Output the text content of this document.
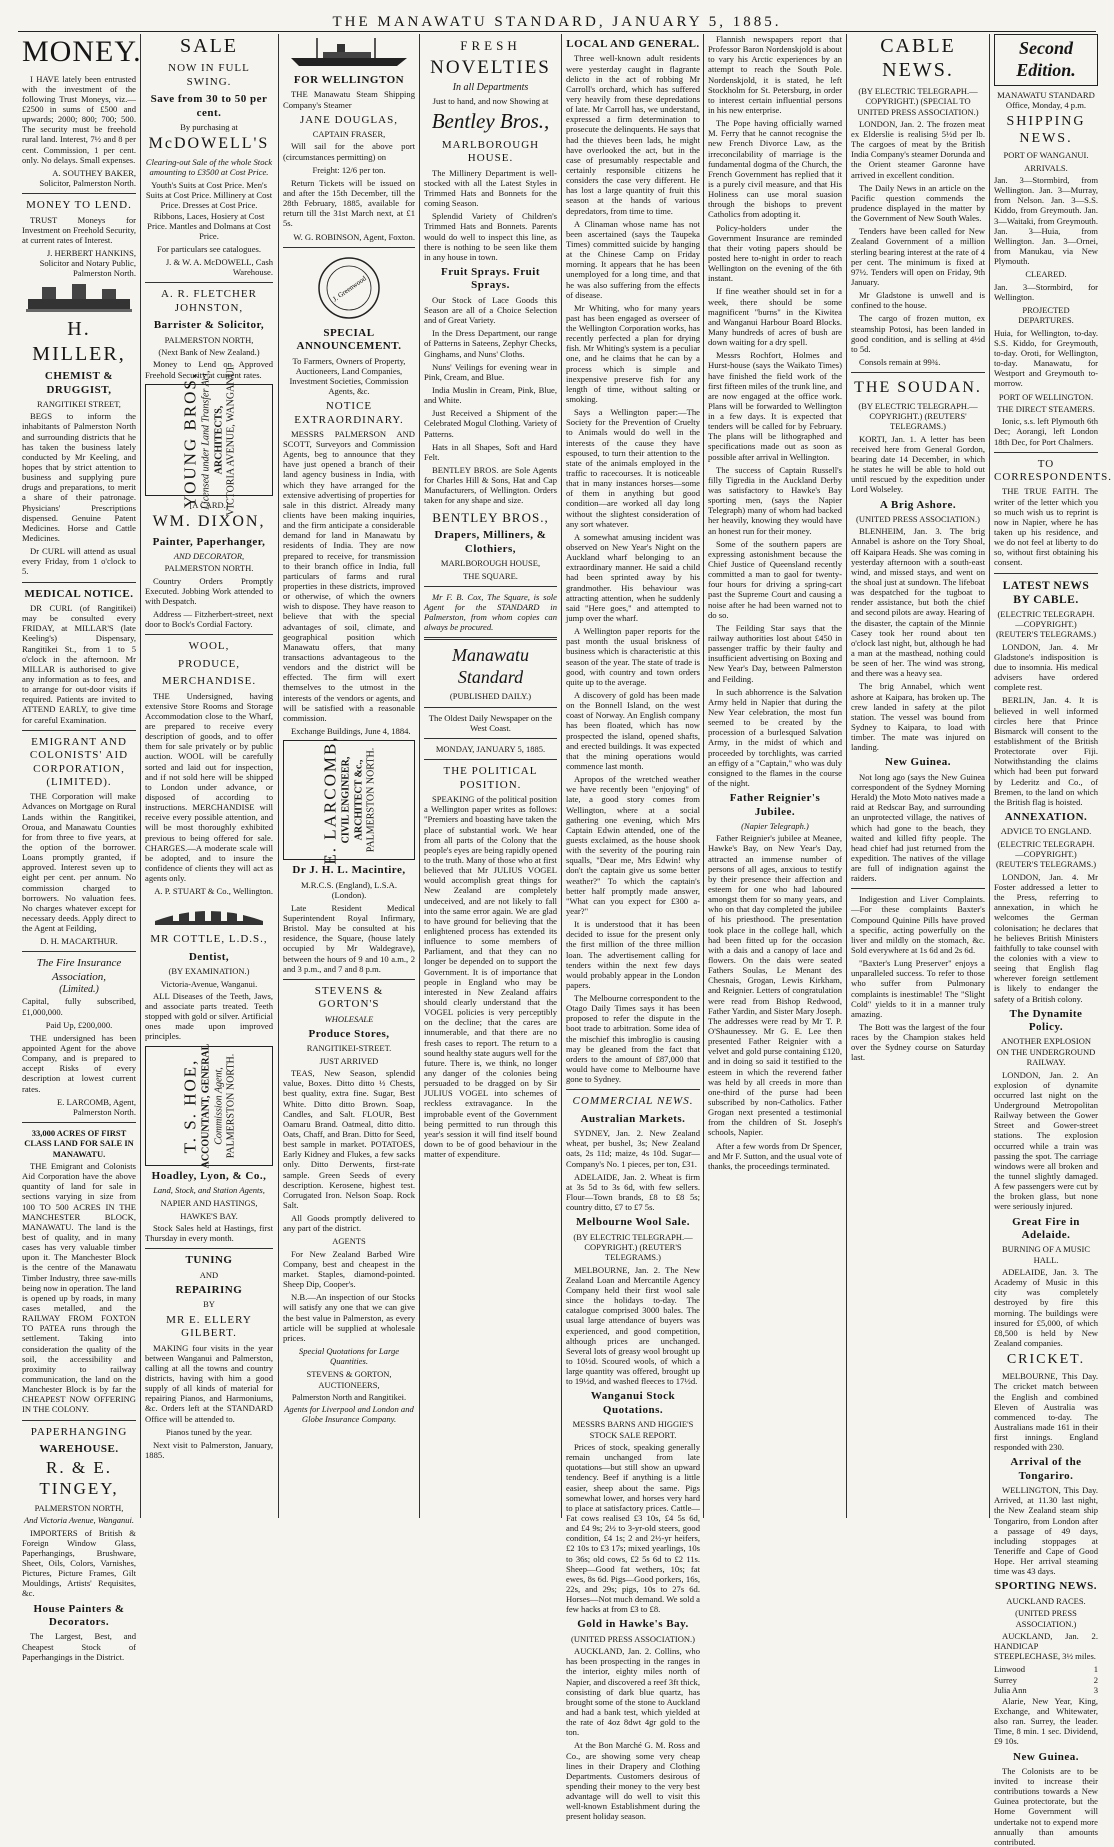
THE MANAWATU STANDARD, JANUARY 5, 1885.
MONEY.

I HAVE lately been entrusted with the investment of the following Trust Moneys, viz.— £2500 in sums of £500 and upwards; 2000; 800; 700; 500. The security must be freehold rural land. Interest, 7½ and 8 per cent. Commission, 1 per cent. only. No delays. Small expenses.

A. SOUTHEY BAKER, Solicitor, Palmerston North.

MONEY TO LEND.

TRUST Moneys for Investment on Freehold Security, at current rates of Interest.

J. HERBERT HANKINS, Solicitor and Notary Public, Palmerston North.

H. MILLER,
CHEMIST & DRUGGIST,
RANGITIKEI STREET,

BEGS to inform the inhabitants of Palmerston North and surrounding districts that he has taken the business lately conducted by Mr Keeling, and hopes that by strict attention to business and supplying pure drugs and preparations, to merit a share of their patronage. Physicians' Prescriptions dispensed. Genuine Patent Medicines. Horse and Cattle Medicines.

Dr CURL will attend as usual every Friday, from 1 o'clock to 5.

MEDICAL NOTICE.

DR CURL (of Rangitikei) may be consulted every FRIDAY, at MILLAR'S (late Keeling's) Dispensary, Rangitikei St., from 1 to 5 o'clock in the afternoon. Mr MILLAR is authorised to give any information as to fees, and to arrange for out-door visits if required. Patients are invited to ATTEND EARLY, to give time for careful Examination.

EMIGRANT AND COLONISTS' AID CORPORATION, (LIMITED).

THE Corporation will make Advances on Mortgage on Rural Lands within the Rangitikei, Oroua, and Manawatu Counties for from three to five years, at the option of the borrower. Loans promptly granted, if approved. Interest seven up to eight per cent. per annum. No commission charged to borrowers. No valuation fees. No charges whatever except for necessary deeds. Apply direct to the Agent at Feilding,

D. H. MACARTHUR.

The Fire Insurance Association,
(Limited.)

Capital, fully subscribed, £1,000,000.

Paid Up, £200,000.

THE undersigned has been appointed Agent for the above Company, and is prepared to accept Risks of every description at lowest current rates.

E. LARCOMB, Agent, Palmerston North.

33,000 ACRES OF FIRST CLASS LAND FOR SALE IN MANAWATU.

THE Emigrant and Colonists Aid Corporation have the above quantity of land for sale in sections varying in size from 100 TO 500 ACRES IN THE MANCHESTER BLOCK, MANAWATU. The land is the best of quality, and in many cases has very valuable timber upon it. The Manchester Block is the centre of the Manawatu Timber Industry, three saw-mills being now in operation. The land is opened up by roads, in many cases metalled, and the RAILWAY FROM FOXTON TO PATEA runs through the settlement. Taking into consideration the quality of the soil, the accessibility and proximity to railway communication, the land on the Manchester Block is by far the CHEAPEST NOW OFFERING IN THE COLONY.

PAPERHANGING
WAREHOUSE.
R. & E. TINGEY,
PALMERSTON NORTH,
And Victoria Avenue, Wanganui.

IMPORTERS of British & Foreign Window Glass, Paperhangings, Brushware, Sheet, Oils, Colors, Varnishes, Pictures, Picture Frames, Gilt Mouldings, Artists' Requisites, &c.

House Painters & Decorators.

The Largest, Best, and Cheapest Stock of Paperhangings in the District.

SALE
NOW IN FULL SWING.
Save from 30 to 50 per cent.
By purchasing at
McDOWELL'S

Clearing-out Sale of the whole Stock amounting to £3500 at Cost Price.

Youth's Suits at Cost Price. Men's Suits at Cost Price. Millinery at Cost Price. Dresses at Cost Price. Ribbons, Laces, Hosiery at Cost Price. Mantles and Dolmans at Cost Price.

For particulars see catalogues.

J. & W. A. McDOWELL, Cash Warehouse.

A. R. FLETCHER JOHNSTON,
Barrister & Solicitor,
PALMERSTON NORTH,
(Next Bank of New Zealand.)

Money to Lend on Approved Freehold Security at current rates.

YOUNG BROS, Licensed under Land Transfer Act, ARCHITECTS, VICTORIA AVENUE, WANGANUI.
[A CARD.]
WM. DIXON,
Painter, Paperhanger,
AND DECORATOR,
PALMERSTON NORTH.

Country Orders Promptly Executed. Jobbing Work attended to with Despatch.

Address — Fitzherbert-street, next door to Bock's Cordial Factory.

WOOL,
PRODUCE,
MERCHANDISE.

THE Undersigned, having extensive Store Rooms and Storage Accommodation close to the Wharf, are prepared to receive every description of goods, and to offer them for sale privately or by public auction. WOOL will be carefully sorted and laid out for inspection, and if not sold here will be shipped to London under advance, or disposed of according to instructions. MERCHANDISE will receive every possible attention, and will be most thoroughly exhibited previous to being offered for sale. CHARGES.—A moderate scale will be adopted, and to insure the confidence of clients they will act as agents only.

A. P. STUART & Co., Wellington.

MR COTTLE, L.D.S.,
Dentist,
(BY EXAMINATION.)
Victoria-Avenue, Wanganui.

ALL Diseases of the Teeth, Jaws, and associate parts treated. Teeth stopped with gold or silver. Artificial ones made upon improved principles.

T. S. HOE, ACCOUNTANT, GENERAL Commission Agent, PALMERSTON NORTH.
Hoadley, Lyon, & Co.,

Land, Stock, and Station Agents,

NAPIER AND HASTINGS,
HAWKE'S BAY.

Stock Sales held at Hastings, first Thursday in every month.

TUNING
AND
REPAIRING
BY
MR E. ELLERY GILBERT.

MAKING four visits in the year between Wanganui and Palmerston, calling at all the towns and country districts, having with him a good supply of all kinds of material for repairing Pianos, and Harmoniums, &c. Orders left at the STANDARD Office will be attended to.

Pianos tuned by the year.

Next visit to Palmerston, January, 1885.

FOR WELLINGTON

THE Manawatu Steam Shipping Company's Steamer

JANE DOUGLAS,
CAPTAIN FRASER,

Will sail for the above port (circumstances permitting) on

Freight: 12/6 per ton.

Return Tickets will be issued on and after the 15th December, till the 28th February, 1885, available for return till the 31st March next, at £1 5s.

W. G. ROBINSON, Agent, Foxton.

J. Greenwood
SPECIAL ANNOUNCEMENT.

To Farmers, Owners of Property, Auctioneers, Land Companies, Investment Societies, Commission Agents, &c.

NOTICE EXTRAORDINARY.

MESSRS PALMERSON AND SCOTT, Surveyors and Commission Agents, beg to announce that they have just opened a branch of their land agency business in India, with which they have arranged for the extensive advertising of properties for sale in this district. Already many clients have been making inquiries, and the firm anticipate a considerable demand for land in Manawatu by residents of India. They are now prepared to receive, for transmission to their branch office in India, full particulars of farms and rural properties in these districts, improved or otherwise, of which the owners wish to dispose. They have reason to believe that with the special advantages of soil, climate, and geographical position which Manawatu offers, that many transactions advantageous to the vendors and the district will be effected. The firm will exert themselves to the utmost in the interests of the vendors or agents, and will be satisfied with a reasonable commission.

Exchange Buildings, June 4, 1884.

E. LARCOMB, CIVIL ENGINEER, ARCHITECT &c., PALMERSTON NORTH.
Dr J. H. L. Macintire,

M.R.C.S. (England), L.S.A. (London).

Late Resident Medical Superintendent Royal Infirmary, Bristol. May be consulted at his residence, the Square, (house lately occupied by Mr Waldegrave), between the hours of 9 and 10 a.m., 2 and 3 p.m., and 7 and 8 p.m.

STEVENS & GORTON'S
WHOLESALE
Produce Stores,
RANGITIKEI-STREET.
JUST ARRIVED

TEAS, New Season, splendid value, Boxes. Ditto ditto ½ Chests, best quality, extra fine. Sugar, Best White. Ditto ditto Brown. Soap, Candles, and Salt. FLOUR, Best Oamaru Brand. Oatmeal, ditto ditto. Oats, Chaff, and Bran. Ditto for Seed, best sample in market. POTATOES, Early Kidney and Flukes, a few sacks only. Ditto Derwents, first-rate sample. Green Seeds of every description. Kerosene, highest test. Corrugated Iron. Nelson Soap. Rock Salt.

All Goods promptly delivered to any part of the district.

AGENTS

For New Zealand Barbed Wire Company, best and cheapest in the market. Staples, diamond-pointed. Sheep Dip, Cooper's.

N.B.—An inspection of our Stocks will satisfy any one that we can give the best value in Palmerston, as every article will be supplied at wholesale prices.

Special Quotations for Large Quantities.

STEVENS & GORTON, AUCTIONEERS,
Palmerston North and Rangitikei.

Agents for Liverpool and London and Globe Insurance Company.

FRESH
NOVELTIES
In all Departments

Just to hand, and now Showing at

Bentley Bros.,
MARLBOROUGH HOUSE.

The Millinery Department is well-stocked with all the Latest Styles in Trimmed Hats and Bonnets for the coming Season.

Splendid Variety of Children's Trimmed Hats and Bonnets. Parents would do well to inspect this line, as there is nothing to be seen like them in any house in town.

Fruit Sprays. Fruit Sprays.

Our Stock of Lace Goods this Season are all of a Choice Selection and of Great Variety.

In the Dress Department, our range of Patterns in Sateens, Zephyr Checks, Ginghams, and Nuns' Cloths.

Nuns' Veilings for evening wear in Pink, Cream, and Blue.

India Muslin in Cream, Pink, Blue, and White.

Just Received a Shipment of the Celebrated Mogul Clothing. Variety of Patterns.

Hats in all Shapes, Soft and Hard Felt.

BENTLEY BROS. are Sole Agents for Charles Hill & Sons, Hat and Cap Manufacturers, of Wellington. Orders taken for any shape and size.

BENTLEY BROS.,
Drapers, Milliners, & Clothiers,
MARLBOROUGH HOUSE,
THE SQUARE.

Mr F. B. Cox, The Square, is sole Agent for the STANDARD in Palmerston, from whom copies can always be procured.

Manawatu Standard
(PUBLISHED DAILY.)

The Oldest Daily Newspaper on the West Coast.

MONDAY, JANUARY 5, 1885.
THE POLITICAL POSITION.

SPEAKING of the political position a Wellington paper writes as follows: "Premiers and boasting have taken the place of substantial work. We hear from all parts of the Colony that the people's eyes are being rapidly opened to the truth. Many of those who at first believed that Mr JULIUS VOGEL would accomplish great things for New Zealand are completely undeceived, and are not likely to fall into the same error again. We are glad to have ground for believing that the enlightened process has extended its influence to some members of Parliament, and that they can no longer be depended on to support the Government. It is of importance that people in England who may be interested in New Zealand affairs should clearly understand that the VOGEL policies is very perceptibly on the decline; that the cares are innumerable, and that there are no fresh cases to report. The return to a sound healthy state augurs well for the future. There is, we think, no longer any danger of the colonies being persuaded to be dragged on by Sir JULIUS VOGEL into schemes of reckless extravagance. In the improbable event of the Government being permitted to run through this year's session it will find itself bound down to be of good behaviour in the matter of expenditure.

LOCAL AND GENERAL.

Three well-known adult residents were yesterday caught in flagrante delicto in the act of robbing Mr Carroll's orchard, which has suffered very heavily from these depredations of late. Mr Carroll has, we understand, expressed a firm determination to prosecute the delinquents. He says that had the thieves been lads, he might have overlooked the act, but in the case of presumably respectable and certainly responsible citizens he considers the case very different. He has lost a large quantity of fruit this season at the hands of various depredators, from time to time.

A Clinaman whose name has not been ascertained (says the Taupeka Times) committed suicide by hanging at the Chinese Camp on Friday morning. It appears that he has been unemployed for a long time, and that he was also suffering from the effects of disease.

Mr Whiting, who for many years past has been engaged as overseer of the Wellington Corporation works, has recently perfected a plan for drying fish. Mr Whiting's system is a peculiar one, and he claims that he can by a process which is simple and inexpensive preserve fish for any length of time, without salting or smoking.

Says a Wellington paper:—The Society for the Prevention of Cruelty to Animals would do well in the interests of the cause they have espoused, to turn their attention to the state of the animals employed in the traffic to racecourses. It is noticeable that in many instances horses—some of them in anything but good condition—are worked all day long without the slightest consideration of any sort whatever.

A somewhat amusing incident was observed on New Year's Night on the Auckland wharf belonging to an extraordinary manner. He said a child had been sprinted away by his grandmother. His behaviour was attracting attention, when he suddenly said "Here goes," and attempted to jump over the wharf.

A Wellington paper reports for the past month the usual briskness of business which is characteristic at this season of the year. The state of trade is good, with country and town orders quite up to the average.

A discovery of gold has been made on the Bonnell Island, on the west coast of Norway. An English company has been floated, which has now prospected the island, opened shafts, and erected buildings. It was expected that the mining operations would commence last month.

Apropos of the wretched weather we have recently been "enjoying" of late, a good story comes from Wellington, where at a social gathering one evening, which Mrs Captain Edwin attended, one of the guests exclaimed, as the house shook with the severity of the pouring rain squalls, "Dear me, Mrs Edwin! why don't the captain give us some better weather?" To which the captain's better half promptly made answer, "What can you expect for £300 a-year?"

It is understood that it has been decided to issue for the present only the first million of the three million loan. The advertisement calling for tenders within the next few days would probably appear in the London papers.

The Melbourne correspondent to the Otago Daily Times says it has been proposed to refer the dispute in the boot trade to arbitration. Some idea of the mischief this imbroglio is causing may be gleaned from the fact that orders to the amount of £87,000 that would have come to Melbourne have gone to Sydney.

COMMERCIAL NEWS.
Australian Markets.

SYDNEY, Jan. 2. New Zealand wheat, per bushel, 3s; New Zealand oats, 2s 11d; maize, 4s 10d. Sugar—Company's No. 1 pieces, per ton, £31.

ADELAIDE, Jan. 2. Wheat is firm at 3s 5d to 3s 6d, with few sellers. Flour—Town brands, £8 to £8 5s; country ditto, £7 to £7 5s.

Melbourne Wool Sale.
(BY ELECTRIC TELEGRAPH.—COPYRIGHT.) (REUTER'S TELEGRAMS.)

MELBOURNE, Jan. 2. The New Zealand Loan and Mercantile Agency Company held their first wool sale since the holidays to-day. The catalogue comprised 3000 bales. The usual large attendance of buyers was experienced, and good competition, although prices are unchanged. Several lots of greasy wool brought up to 10½d. Scoured wools, of which a large quantity was offered, brought up to 19½d, and washed fleeces to 17½d.

Wanganui Stock Quotations.
MESSRS BARNS AND HIGGIE'S STOCK SALE REPORT.

Prices of stock, speaking generally remain unchanged from late quotations—but still show an upward tendency. Beef if anything is a little easier, sheep about the same. Pigs somewhat lower, and horses very hard to place at satisfactory prices. Cattle—Fat cows realised £3 10s, £4 5s 6d, and £4 9s; 2½ to 3-yr-old steers, good condition, £4 1s; 2 and 2½-yr heifers, £2 10s to £3 17s; mixed yearlings, 10s to 36s; old cows, £2 5s 6d to £2 11s. Sheep—Good fat wethers, 10s; fat ewes, 8s 6d. Pigs—Good porkers, 16s, 22s, and 29s; pigs, 10s to 27s 6d. Horses—Not much demand. We sold a few hacks at from £3 to £8.

Gold in Hawke's Bay.
(UNITED PRESS ASSOCIATION.)

AUCKLAND, Jan. 2. Collins, who has been prospecting in the ranges in the interior, eighty miles north of Napier, and discovered a reef 3ft thick, consisting of dark blue quartz, has brought some of the stone to Auckland and had a bank test, which yielded at the rate of 4oz 8dwt 4gr gold to the ton.

At the Bon Marché G. M. Ross and Co., are showing some very cheap lines in their Drapery and Clothing Departments. Customers desirous of spending their money to the very best advantage will do well to visit this well-known Establishment during the present holiday season.

Flannish newspapers report that Professor Baron Nordenskjold is about to vary his Arctic experiences by an attempt to reach the South Pole. Nordenskjold, it is stated, he left Stockholm for St. Petersburg, in order to interest certain influential persons in his new enterprise.

The Pope having officially warned M. Ferry that he cannot recognise the new French Divorce Law, as the irreconcilability of marriage is the fundamental dogma of the Church, the French Government has replied that it is a purely civil measure, and that His Holiness can use moral suasion through the bishops to prevent Catholics from adopting it.

Policy-holders under the Government Insurance are reminded that their voting papers should be posted here to-night in order to reach Wellington on the evening of the 6th instant.

If fine weather should set in for a week, there should be some magnificent "burns" in the Kiwitea and Wanganui Harbour Board Blocks. Many hundreds of acres of bush are down waiting for a dry spell.

Messrs Rochfort, Holmes and Hurst-house (says the Waikato Times) have finished the field work of the first fifteen miles of the trunk line, and are now engaged at the office work. Plans will be forwarded to Wellington in a few days. It is expected that tenders will be called for by February. The plans will be lithographed and specifications made out as soon as possible after arrival in Wellington.

The success of Captain Russell's filly Tigredia in the Auckland Derby was satisfactory to Hawke's Bay sporting men, (says the Napier Telegraph) many of whom had backed her heavily, knowing they would have an honest run for their money.

Some of the southern papers are expressing astonishment because the Chief Justice of Queensland recently committed a man to gaol for twenty-four hours for driving a spring-cart past the Supreme Court and causing a noise after he had been warned not to do so.

The Feilding Star says that the railway authorities lost about £450 in passenger traffic by their faulty and insufficient advertising on Boxing and New Year's Day, between Palmerston and Feilding.

In such abhorrence is the Salvation Army held in Napier that during the New Year celebration, the most fun seemed to be created by the procession of a burlesqued Salvation Army, in the midst of which and proceeded by torchlights, was carried an effigy of a "Captain," who was duly consigned to the flames in the course of the night.

Father Reignier's Jubilee.
(Napier Telegraph.)

Father Reignier's jubilee at Meanee, Hawke's Bay, on New Year's Day, attracted an immense number of persons of all ages, anxious to testify by their presence their affection and esteem for one who had laboured amongst them for so many years, and who on that day completed the jubilee of his priesthood. The presentation took place in the college hall, which had been fitted up for the occasion with a dais and a canopy of lace and flowers. On the dais were seated Fathers Soulas, Le Menant des Chesnais, Grogan, Lewis Kirkham, and Reignier. Letters of congratulation were read from Bishop Redwood, Father Yardin, and Sister Mary Joseph. The addresses were read by Mr T. P. O'Shaunessey. Mr G. E. Lee then presented Father Reignier with a velvet and gold purse containing £120, and in doing so said it testified to the esteem in which the reverend father was held by all creeds in more than one-third of the purse had been subscribed by non-Catholics. Father Grogan next presented a testimonial from the children of St. Joseph's schools, Napier.

After a few words from Dr Spencer, and Mr F. Sutton, and the usual vote of thanks, the proceedings terminated.

CABLE NEWS.
(BY ELECTRIC TELEGRAPH.—COPYRIGHT.) (SPECIAL TO UNITED PRESS ASSOCIATION.)

LONDON, Jan. 2. The frozen meat ex Elderslie is realising 5½d per lb. The cargoes of meat by the British India Company's steamer Dorunda and the Orient steamer Garonne have arrived in excellent condition.

The Daily News in an article on the Pacific question commends the prudence displayed in the matter by the Government of New South Wales.

Tenders have been called for New Zealand Government of a million sterling bearing interest at the rate of 4 per cent. The minimum is fixed at 97½. Tenders will open on Friday, 9th January.

Mr Gladstone is unwell and is confined to the house.

The cargo of frozen mutton, ex steamship Potosi, has been landed in good condition, and is selling at 4½d to 5d.

Consols remain at 99¾.

THE SOUDAN.
(BY ELECTRIC TELEGRAPH.—COPYRIGHT.) (REUTERS' TELEGRAMS.)

KORTI, Jan. 1. A letter has been received here from General Gordon, bearing date 14 December, in which he states he will be able to hold out until rescued by the expedition under Lord Wolseley.

A Brig Ashore.
(UNITED PRESS ASSOCIATION.)

BLENHEIM, Jan. 3. The brig Annabel is ashore on the Tory Shoal, off Kaipara Heads. She was coming in yesterday afternoon with a south-east wind, and missed stays, and went on the shoal just at sundown. The lifeboat was despatched for the tugboat to render assistance, but both the chief and second pilots are away. Hearing of the disaster, the captain of the Minnie Casey took her round about ten o'clock last night, but, although he had a man at the masthead, nothing could be seen of her. The wind was strong, and there was a heavy sea.

The brig Annabel, which went ashore at Kaipara, has broken up. The crew landed in safety at the pilot station. The vessel was bound from Sydney to Kaipara, to load with timber. The mate was injured on landing.

New Guinea.

Not long ago (says the New Guinea correspondent of the Sydney Morning Herald) the Moto Moto natives made a raid at Redscar Bay, and surrounding an unprotected village, the natives of which had gone to the beach, they waited and killed fifty people. The head chief had just returned from the expedition. The natives of the village are full of indignation against the raiders.

Indigestion and Liver Complaints.—For these complaints Baxter's Compound Quinine Pills have proved a specific, acting powerfully on the liver and mildly on the stomach, &c. Sold everywhere at 1s 6d and 2s 6d.

"Baxter's Lung Preserver" enjoys a unparalleled success. To refer to those who suffer from Pulmonary complaints is inestimable! The "Slight Cold" yields to it in a manner truly amazing.

The Bott was the largest of the four races by the Champion stakes held over the Sydney course on Saturday last.

Second Edition.

MANAWATU STANDARD Office, Monday, 4 p.m.

SHIPPING NEWS.
PORT OF WANGANUI.
ARRIVALS.

Jan. 3—Stormbird, from Wellington. Jan. 3—Murray, from Nelson. Jan. 3—S.S. Kiddo, from Greymouth. Jan. 3—Waitaki, from Greymouth. Jan. 3—Huia, from Wellington. Jan. 3—Ornei, from Manukau, via New Plymouth.

CLEARED.

Jan. 3—Stormbird, for Wellington.

PROJECTED DEPARTURES.

Huia, for Wellington, to-day. S.S. Kiddo, for Greymouth, to-day. Oroti, for Wellington, to-day. Manawatu, for Westport and Greymouth to-morrow.

PORT OF WELLINGTON.
THE DIRECT STEAMERS.

Ionic, s.s. left Plymouth 6th Dec; Aorangi, left London 18th Dec, for Port Chalmers.

TO CORRESPONDENTS.

THE TRUE FAITH. The writer of the letter which you so much wish us to reprint is now in Napier, where he has taken up his residence, and we do not feel at liberty to do so, without first obtaining his consent.

LATEST NEWS BY CABLE.
(ELECTRIC TELEGRAPH.—COPYRIGHT.) (REUTER'S TELEGRAMS.)

LONDON, Jan. 4. Mr Gladstone's indisposition is due to insomnia. His medical advisers have ordered complete rest.

BERLIN, Jan. 4. It is believed in well informed circles here that Prince Bismarck will consent to the establishment of the British Protectorate over Fiji. Notwithstanding the claims which had been put forward by Lederitz and Co., of Bremen, to the land on which the British flag is hoisted.

ANNEXATION.
ADVICE TO ENGLAND.
(ELECTRIC TELEGRAPH.—COPYRIGHT.) (REUTER'S TELEGRAMS.)

LONDON, Jan. 4. Mr Foster addressed a letter to the Press, referring to annexation, in which he welcomes the German colonisation; he declares that he believes British Ministers faithfully to take counsel with the colonies with a view to seeing that English flag wherever foreign settlement is likely to endanger the safety of a British colony.

The Dynamite Policy.
ANOTHER EXPLOSION ON THE UNDERGROUND RAILWAY.

LONDON, Jan. 2. An explosion of dynamite occurred last night on the Underground Metropolitan Railway between the Gower Street and Gower-street stations. The explosion occurred while a train was passing the spot. The carriage windows were all broken and the tunnel slightly damaged. A few passengers were cut by the broken glass, but none were seriously injured.

Great Fire in Adelaide.
BURNING OF A MUSIC HALL.

ADELAIDE, Jan. 3. The Academy of Music in this city was completely destroyed by fire this morning. The buildings were insured for £5,000, of which £8,500 is held by New Zealand companies.

CRICKET.

MELBOURNE, This Day. The cricket match between the English and combined Eleven of Australia was commenced to-day. The Australians made 161 in their first innings. England responded with 230.

Arrival of the Tongariro.

WELLINGTON, This Day. Arrived, at 11.30 last night, the New Zealand steam ship Tongariro, from London after a passage of 49 days, including stoppages at Teneriffe and Cape of Good Hope. Her arrival steaming time was 43 days.

SPORTING NEWS.
AUCKLAND RACES.
(UNITED PRESS ASSOCIATION.)

AUCKLAND, Jan. 2. HANDICAP STEEPLECHASE, 3½ miles.

Linwood	1
Surrey	2
Julia Ann	3

Alarie, New Year, King, Exchange, and Whitewater, also ran. Surrey, the leader. Time, 8 min. 1 sec. Dividend, £9 10s.

New Guinea.

The Colonists are to be invited to increase their contributions towards a New Guinea protectorate, but the Home Government will undertake not to expend more annually than amounts contributed.
